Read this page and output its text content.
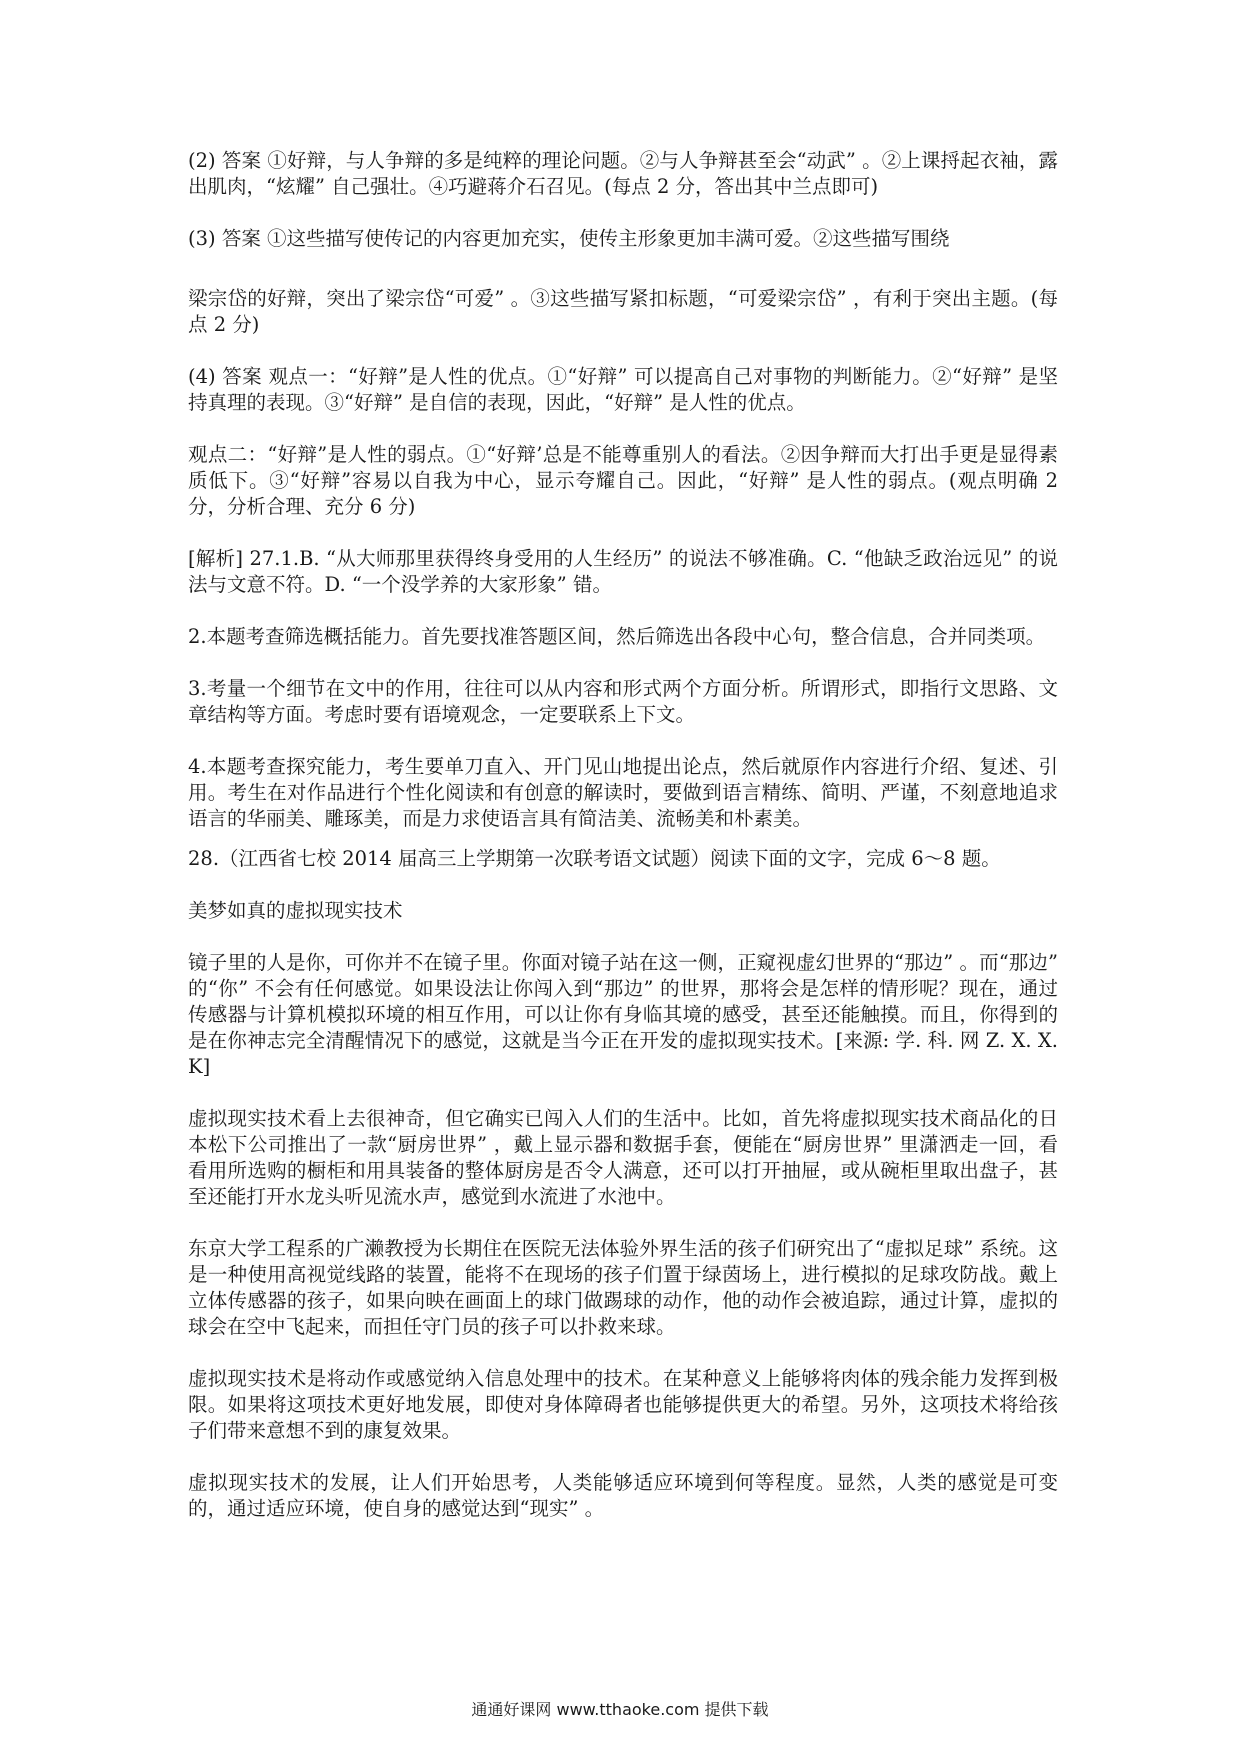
(2) 答案 ①好辩，与人争辩的多是纯粹的理论问题。②与人争辩甚至会“动武” 。②上课捋起衣袖，露出肌肉，“炫耀” 自己强壮。④巧避蒋介石召见。(每点 2 分，答出其中兰点即可)

(3) 答案 ①这些描写使传记的内容更加充实，使传主形象更加丰满可爱。②这些描写围绕

梁宗岱的好辩，突出了梁宗岱“可爱” 。③这些描写紧扣标题，“可爱梁宗岱” ，有利于突出主题。(每点 2 分)

(4) 答案 观点一：“好辩”是人性的优点。①“好辩” 可以提高自己对事物的判断能力。②“好辩” 是坚持真理的表现。③“好辩” 是自信的表现，因此，“好辩” 是人性的优点。

观点二：“好辩”是人性的弱点。①“好辩’总是不能尊重别人的看法。②因争辩而大打出手更是显得素质低下。③“好辩”容易以自我为中心，显示夸耀自己。因此，“好辩” 是人性的弱点。(观点明确 2 分，分析合理、充分 6 分)

[解析] 27.1.B. “从大师那里获得终身受用的人生经历” 的说法不够准确。C. “他缺乏政治远见” 的说法与文意不符。D. “一个没学养的大家形象” 错。

2.本题考查筛选概括能力。首先要找准答题区间，然后筛选出各段中心句，整合信息，合并同类项。

3.考量一个细节在文中的作用，往往可以从内容和形式两个方面分析。所谓形式，即指行文思路、文章结构等方面。考虑时要有语境观念，一定要联系上下文。

4.本题考查探究能力，考生要单刀直入、开门见山地提出论点，然后就原作内容进行介绍、复述、引用。考生在对作品进行个性化阅读和有创意的解读时，要做到语言精练、简明、严谨，不刻意地追求语言的华丽美、雕琢美，而是力求使语言具有简洁美、流畅美和朴素美。

28.（江西省七校 2014 届高三上学期第一次联考语文试题）阅读下面的文字，完成 6～8 题。

美梦如真的虚拟现实技术

镜子里的人是你，可你并不在镜子里。你面对镜子站在这一侧，正窥视虚幻世界的“那边” 。而“那边” 的“你” 不会有任何感觉。如果设法让你闯入到“那边” 的世界，那将会是怎样的情形呢？现在，通过传感器与计算机模拟环境的相互作用，可以让你有身临其境的感受，甚至还能触摸。而且，你得到的是在你神志完全清醒情况下的感觉，这就是当今正在开发的虚拟现实技术。[来源: 学. 科. 网 Z. X. X. K]

虚拟现实技术看上去很神奇，但它确实已闯入人们的生活中。比如，首先将虚拟现实技术商品化的日本松下公司推出了一款“厨房世界” ，戴上显示器和数据手套，便能在“厨房世界” 里潇洒走一回，看看用所选购的橱柜和用具装备的整体厨房是否令人满意，还可以打开抽屉，或从碗柜里取出盘子，甚至还能打开水龙头听见流水声，感觉到水流进了水池中。

东京大学工程系的广濑教授为长期住在医院无法体验外界生活的孩子们研究出了“虚拟足球” 系统。这是一种使用高视觉线路的装置，能将不在现场的孩子们置于绿茵场上，进行模拟的足球攻防战。戴上立体传感器的孩子，如果向映在画面上的球门做踢球的动作，他的动作会被追踪，通过计算，虚拟的球会在空中飞起来，而担任守门员的孩子可以扑救来球。

虚拟现实技术是将动作或感觉纳入信息处理中的技术。在某种意义上能够将肉体的残余能力发挥到极限。如果将这项技术更好地发展，即使对身体障碍者也能够提供更大的希望。另外，这项技术将给孩子们带来意想不到的康复效果。

虚拟现实技术的发展，让人们开始思考，人类能够适应环境到何等程度。显然，人类的感觉是可变的，通过适应环境，使自身的感觉达到“现实” 。

通通好课网 www.tthaoke.com 提供下载
